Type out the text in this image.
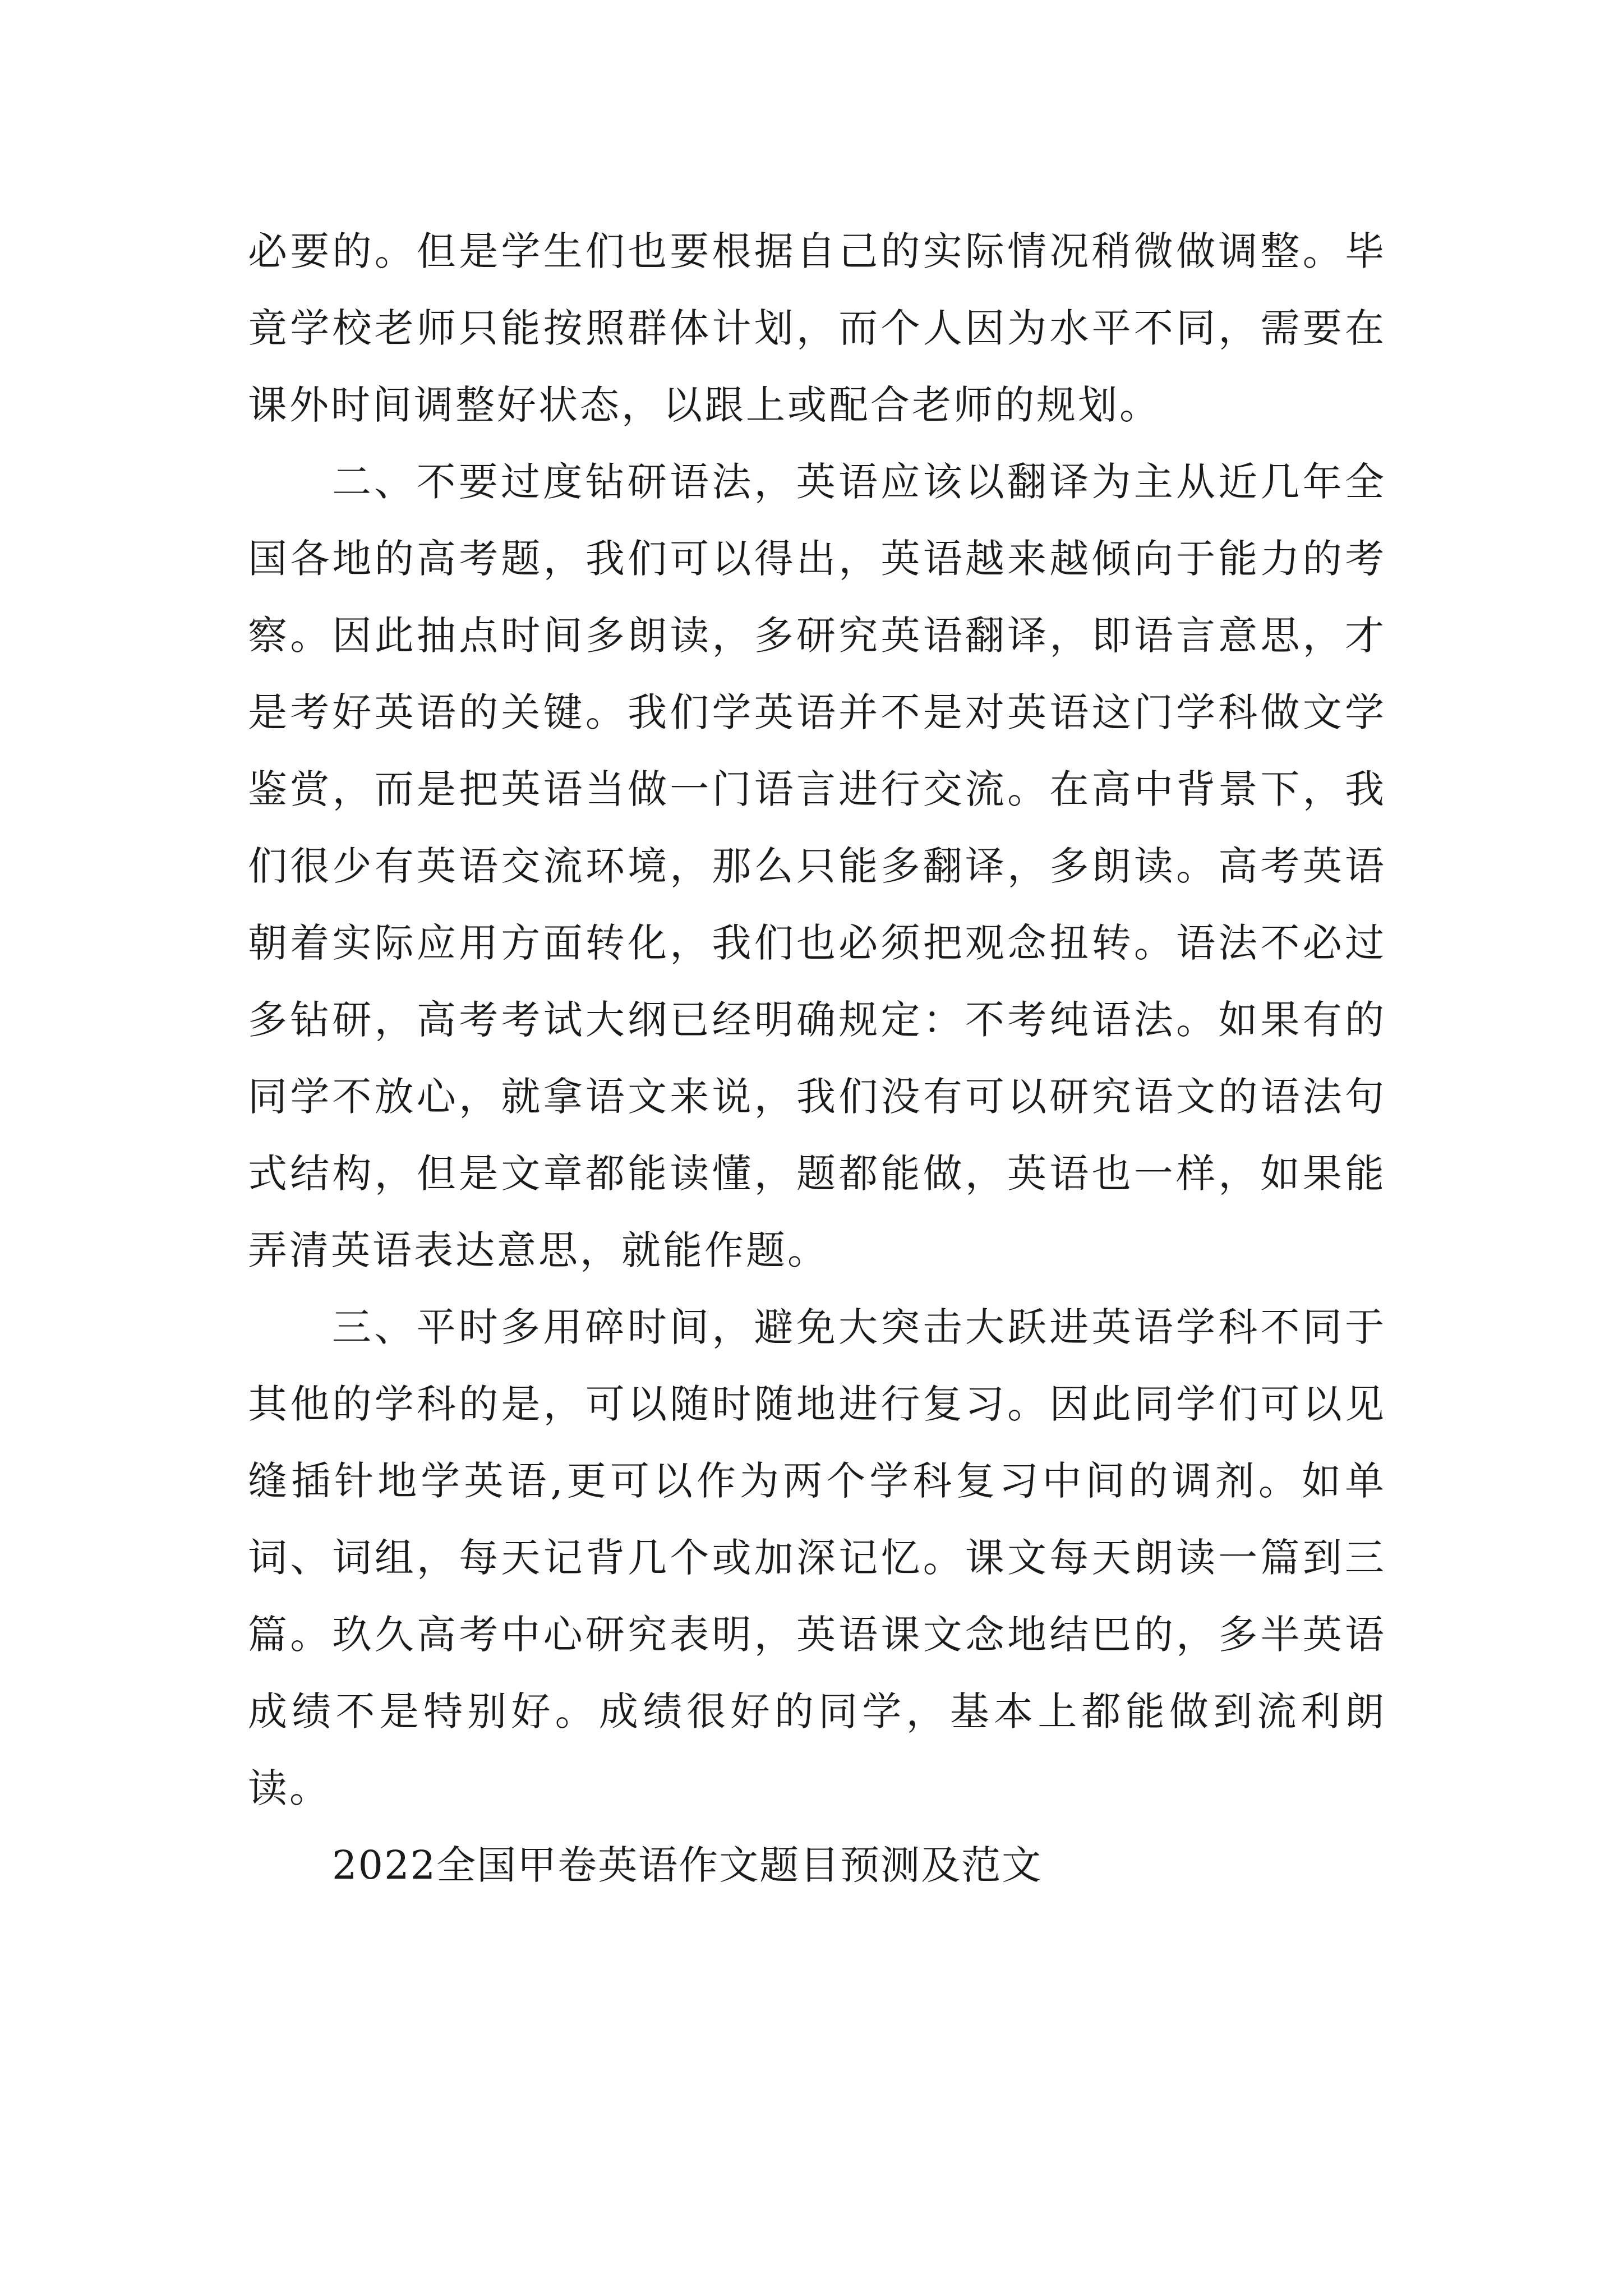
必要的。但是学生们也要根据自己的实际情况稍微做调整。毕竟学校老师只能按照群体计划，而个人因为水平不同，需要在课外时间调整好状态，以跟上或配合老师的规划。

二、不要过度钻研语法，英语应该以翻译为主从近几年全国各地的高考题，我们可以得出，英语越来越倾向于能力的考察。因此抽点时间多朗读，多研究英语翻译，即语言意思，才是考好英语的关键。我们学英语并不是对英语这门学科做文学鉴赏，而是把英语当做一门语言进行交流。在高中背景下，我们很少有英语交流环境，那么只能多翻译，多朗读。高考英语朝着实际应用方面转化，我们也必须把观念扭转。语法不必过多钻研，高考考试大纲已经明确规定：不考纯语法。如果有的同学不放心，就拿语文来说，我们没有可以研究语文的语法句式结构，但是文章都能读懂，题都能做，英语也一样，如果能弄清英语表达意思，就能作题。

三、平时多用碎时间，避免大突击大跃进英语学科不同于其他的学科的是，可以随时随地进行复习。因此同学们可以见缝插针地学英语,更可以作为两个学科复习中间的调剂。如单词、词组，每天记背几个或加深记忆。课文每天朗读一篇到三篇。玖久高考中心研究表明，英语课文念地结巴的，多半英语成绩不是特别好。成绩很好的同学，基本上都能做到流利朗读。

2022全国甲卷英语作文题目预测及范文
